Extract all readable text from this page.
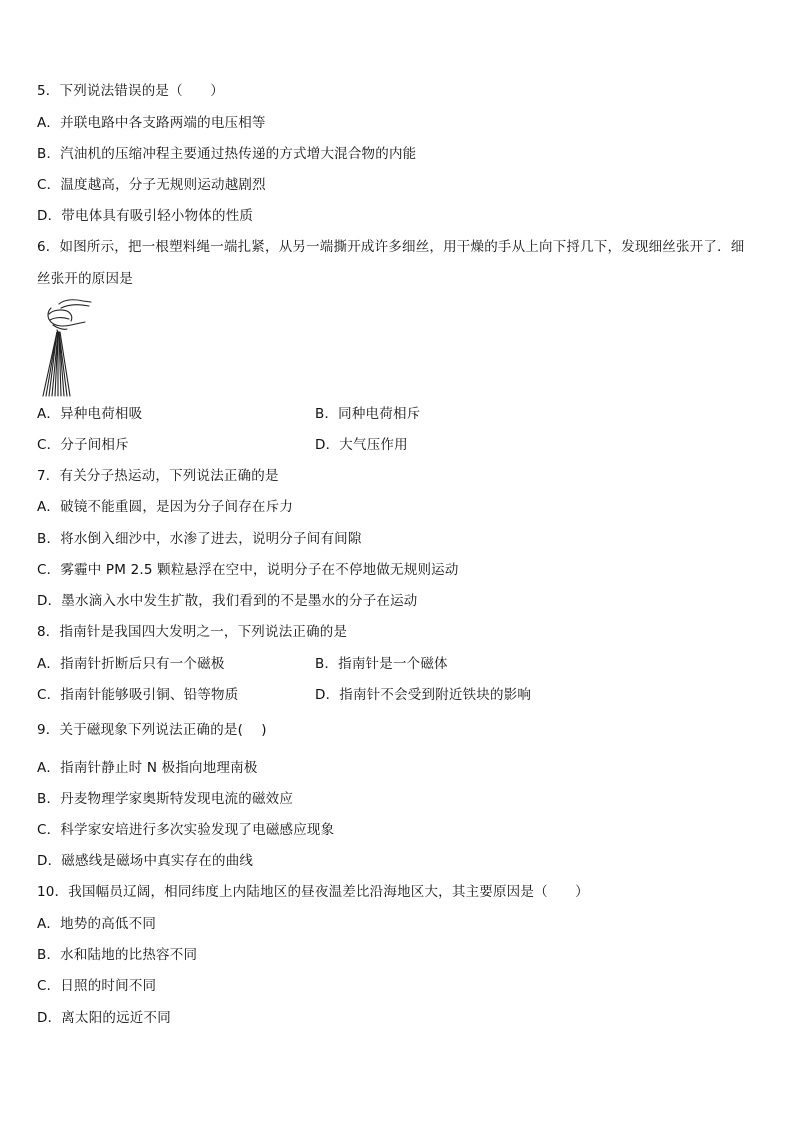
5．下列说法错误的是（　　）
A．并联电路中各支路两端的电压相等
B．汽油机的压缩冲程主要通过热传递的方式增大混合物的内能
C．温度越高，分子无规则运动越剧烈
D．带电体具有吸引轻小物体的性质
6．如图所示，把一根塑料绳一端扎紧，从另一端撕开成许多细丝，用干燥的手从上向下捋几下，发现细丝张开了．细
丝张开的原因是
A．异种电荷相吸	B．同种电荷相斥
C．分子间相斥	D．大气压作用
7．有关分子热运动，下列说法正确的是
A．破镜不能重圆，是因为分子间存在斥力
B．将水倒入细沙中，水渗了进去，说明分子间有间隙
C．雾霾中 PM 2.5 颗粒悬浮在空中，说明分子在不停地做无规则运动
D．墨水滴入水中发生扩散，我们看到的不是墨水的分子在运动
8．指南针是我国四大发明之一，下列说法正确的是
A．指南针折断后只有一个磁极	B．指南针是一个磁体
C．指南针能够吸引铜、铅等物质	D．指南针不会受到附近铁块的影响
9．关于磁现象下列说法正确的是(　 )
A．指南针静止时 N 极指向地理南极
B．丹麦物理学家奥斯特发现电流的磁效应
C．科学家安培进行多次实验发现了电磁感应现象
D．磁感线是磁场中真实存在的曲线
10．我国幅员辽阔，相同纬度上内陆地区的昼夜温差比沿海地区大，其主要原因是（　　）
B．水和陆地的比热容不同
A．地势的高低不同
C．日照的时间不同
D．离太阳的远近不同
